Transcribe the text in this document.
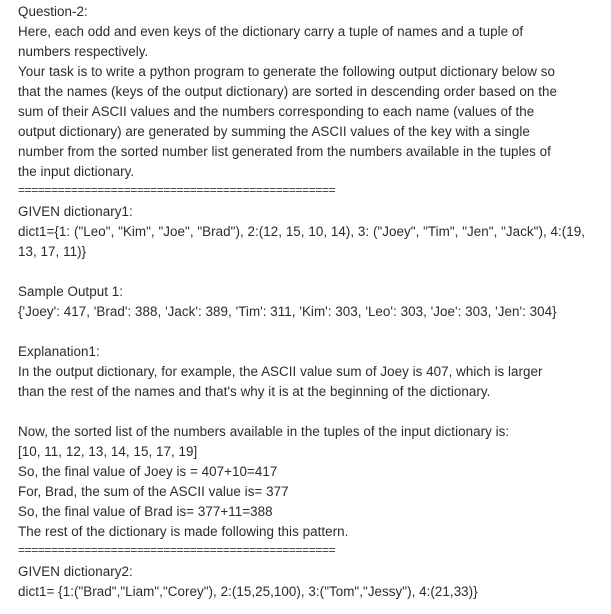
Question-2:
Here, each odd and even keys of the dictionary carry a tuple of names and a tuple of
numbers respectively.
Your task is to write a python program to generate the following output dictionary below so
that the names (keys of the output dictionary) are sorted in descending order based on the
sum of their ASCII values and the numbers corresponding to each name (values of the
output dictionary) are generated by summing the ASCII values of the key with a single
number from the sorted number list generated from the numbers available in the tuples of
the input dictionary.
================================================
GIVEN dictionary1:
dict1={1: ("Leo", "Kim", "Joe", "Brad"), 2:(12, 15, 10, 14), 3: ("Joey", "Tim", "Jen", "Jack"), 4:(19,
13, 17, 11)}
Sample Output 1:
{'Joey': 417, 'Brad': 388, 'Jack': 389, 'Tim': 311, 'Kim': 303, 'Leo': 303, 'Joe': 303, 'Jen': 304}
Explanation1:
In the output dictionary, for example, the ASCII value sum of Joey is 407, which is larger
than the rest of the names and that's why it is at the beginning of the dictionary.
Now, the sorted list of the numbers available in the tuples of the input dictionary is:
[10, 11, 12, 13, 14, 15, 17, 19]
So, the final value of Joey is = 407+10=417
For, Brad, the sum of the ASCII value is= 377
So, the final value of Brad is= 377+11=388
The rest of the dictionary is made following this pattern.
================================================
GIVEN dictionary2:
dict1= {1:("Brad","Liam","Corey"), 2:(15,25,100), 3:("Tom","Jessy"), 4:(21,33)}
